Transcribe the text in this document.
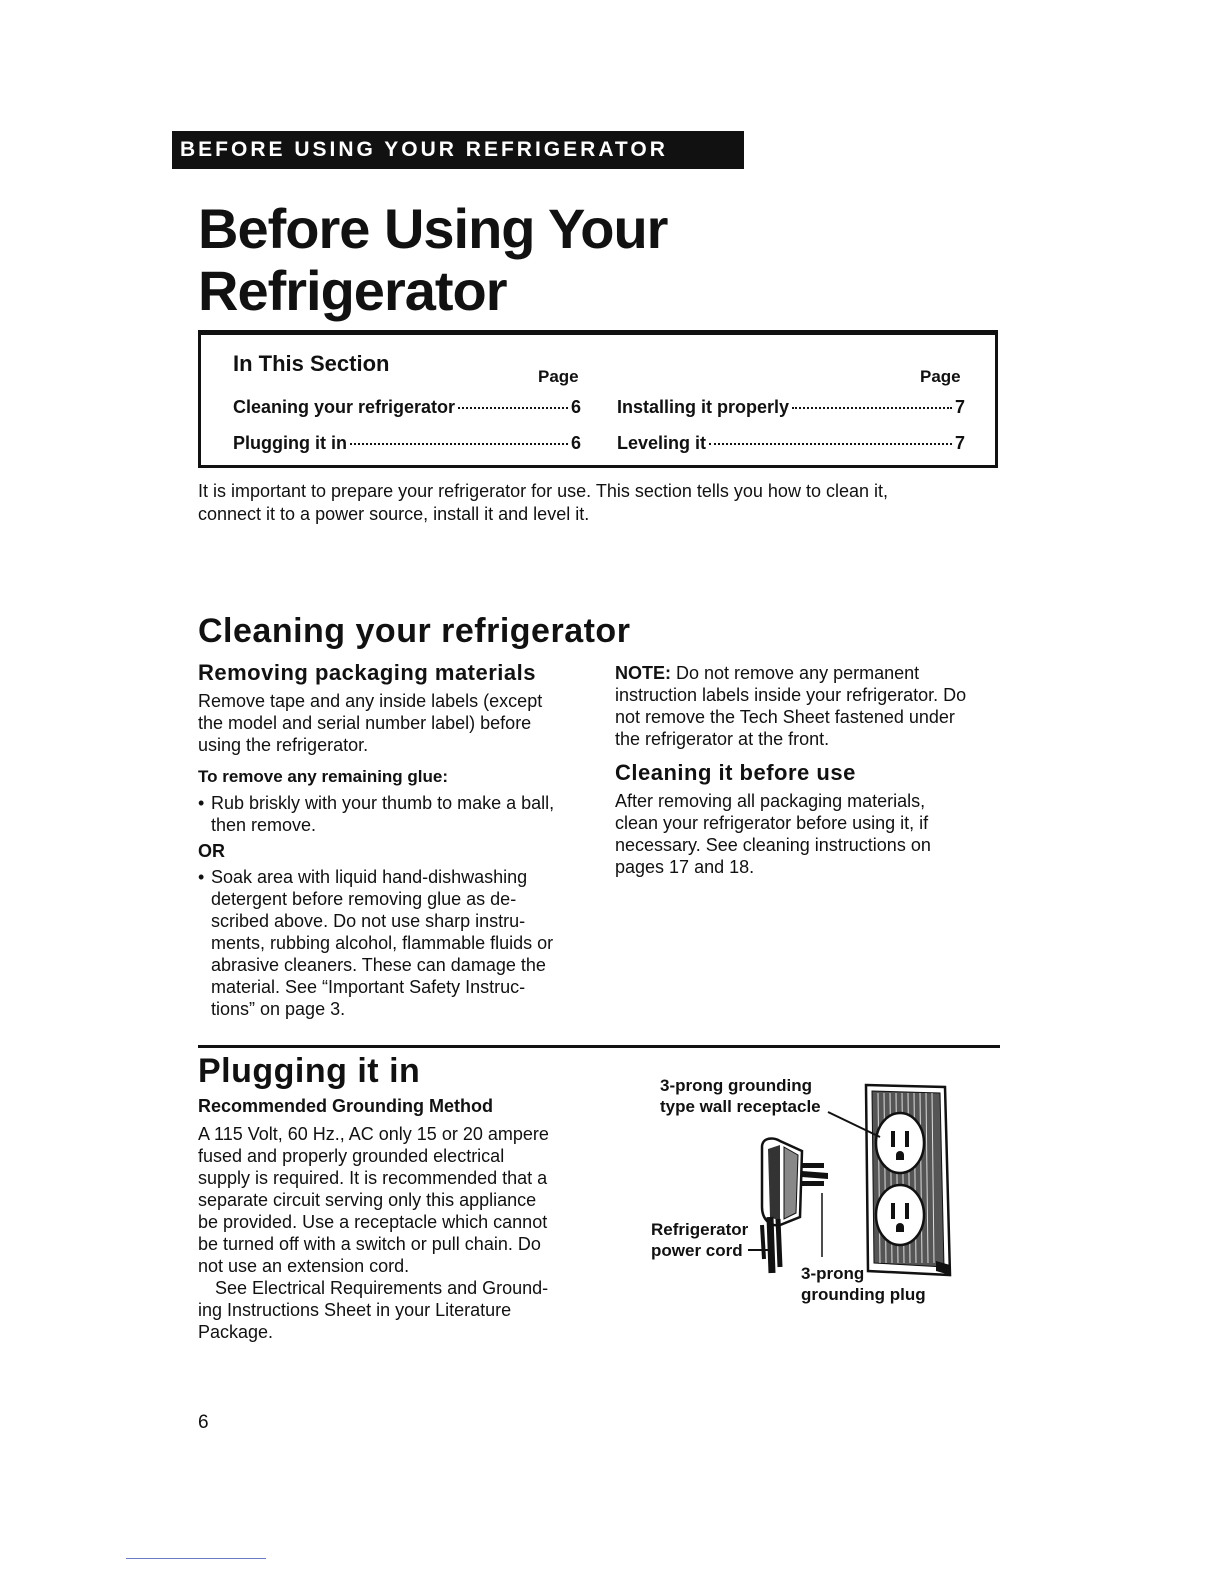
BEFORE USING YOUR REFRIGERATOR
Before Using Your
Refrigerator
In This Section
Page	Page
Cleaning your refrigerator	6
Plugging it in	6
Installing it properly	7
Leveling it	7
It is important to prepare your refrigerator for use. This section tells you how to clean it,
connect it to a power source, install it and level it.
Cleaning your refrigerator
Removing packaging materials
Remove tape and any inside labels (except
the model and serial number label) before
using the refrigerator.
To remove any remaining glue:
• Rub briskly with your thumb to make a ball,
then remove.
OR
• Soak area with liquid hand-dishwashing
detergent before removing glue as de-
scribed above. Do not use sharp instru-
ments, rubbing alcohol, flammable fluids or
abrasive cleaners. These can damage the
material. See “Important Safety Instruc-
tions” on page 3.
NOTE: Do not remove any permanent
instruction labels inside your refrigerator. Do
not remove the Tech Sheet fastened under
the refrigerator at the front.
Cleaning it before use
After removing all packaging materials,
clean your refrigerator before using it, if
necessary. See cleaning instructions on
pages 17 and 18.
Plugging it in
Recommended Grounding Method
A 115 Volt, 60 Hz., AC only 15 or 20 ampere
fused and properly grounded electrical
supply is required. It is recommended that a
separate circuit serving only this appliance
be provided. Use a receptacle which cannot
be turned off with a switch or pull chain. Do
not use an extension cord.
See Electrical Requirements and Ground-
ing Instructions Sheet in your Literature
Package.
3-prong grounding
type wall receptacle
Refrigerator
power cord
3-prong
grounding plug
6
